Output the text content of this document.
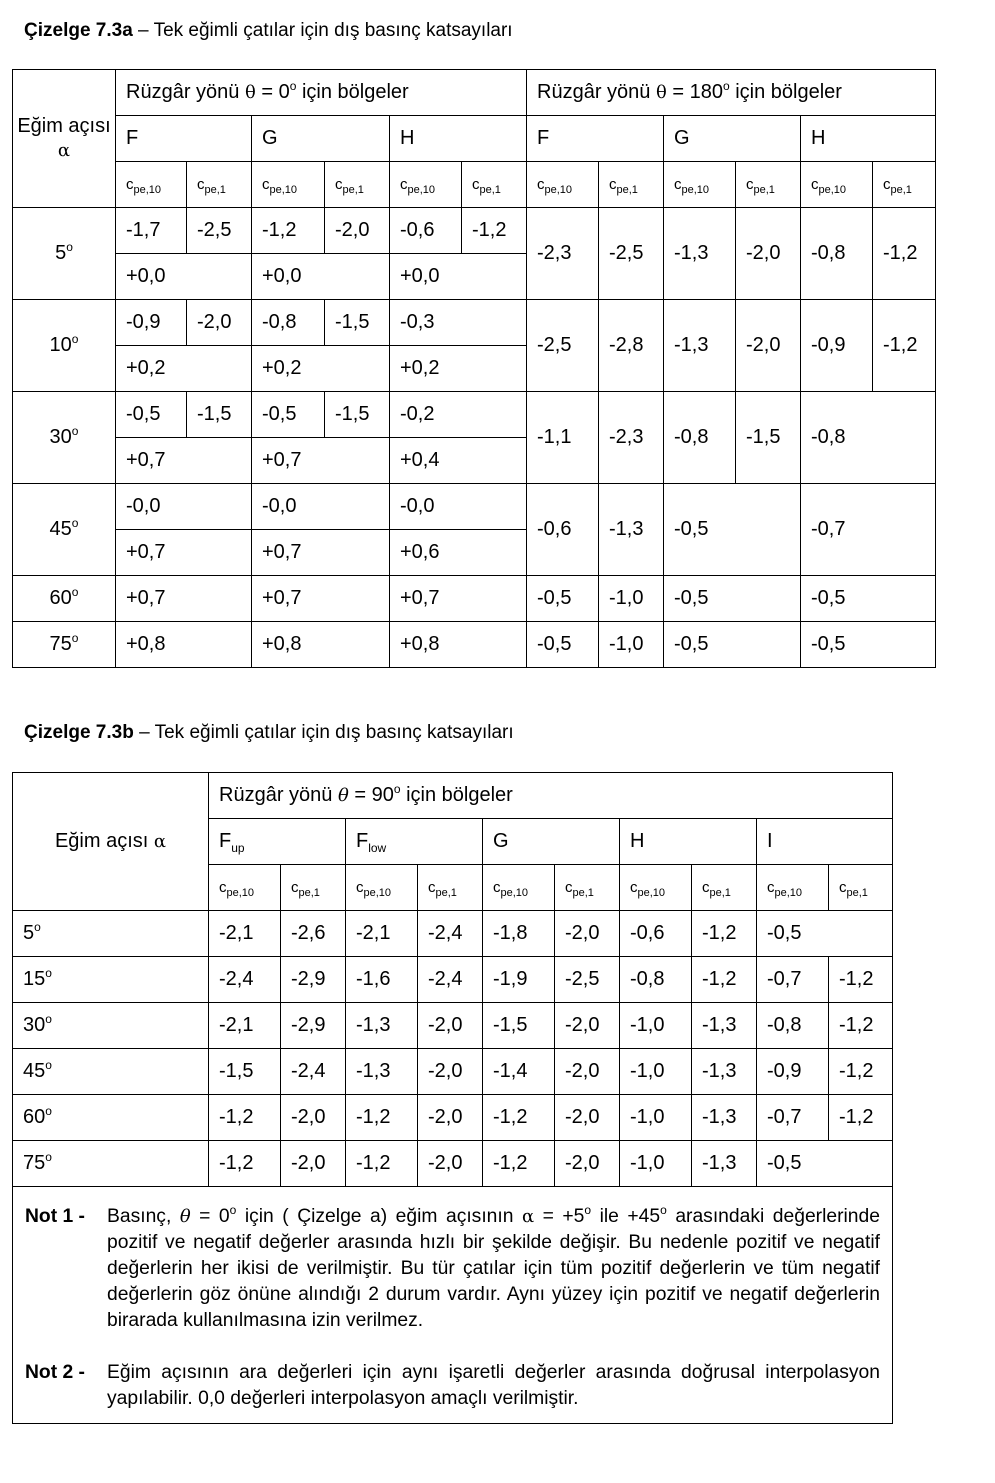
Çizelge 7.3a – Tek eğimli çatılar için dış basınç katsayıları
Eğim açısı
α	Rüzgâr yönü $\theta = 0^o$ için bölgeler						Rüzgâr yönü $\theta = 180^o$ için bölgeler					
	F		G		H		F		G		H	
	$c_{pe,10}$	$c_{pe,1}$	$c_{pe,10}$	$c_{pe,1}$	$c_{pe,10}$	$c_{pe,1}$	$c_{pe,10}$	$c_{pe,1}$	$c_{pe,10}$	$c_{pe,1}$	$c_{pe,10}$	$c_{pe,1}$
5$^o$	-1,7	-2,5	-1,2	-2,0	-0,6	-1,2	-2,3	-2,5	-1,3	-2,0	-0,8	-1,2
	+0,0		+0,0		+0,0							
10$^o$	-0,9	-2,0	-0,8	-1,5	-0,3		-2,5	-2,8	-1,3	-2,0	-0,9	-1,2
	+0,2		+0,2		+0,2							
30$^o$	-0,5	-1,5	-0,5	-1,5	-0,2		-1,1	-2,3	-0,8	-1,5	-0,8	
	+0,7		+0,7		+0,4							
45$^o$	-0,0		-0,0		-0,0		-0,6	-1,3	-0,5		-0,7	
	+0,7		+0,7		+0,6							
$60^o$	+0,7		+0,7		+0,7		-0,5	-1,0	-0,5		-0,5	
$75^o$	+0,8		+0,8		+0,8		-0,5	-1,0	-0,5		-0,5	
Çizelge 7.3b – Tek eğimli çatılar için dış basınç katsayıları
Eğim açısı α	Rüzgâr yönü $\theta = 90^o$ için bölgeler									
	$F_{up}$		$F_{low}$		G		H		I	
	$c_{pe,10}$	$c_{pe,1}$	$c_{pe,10}$	$c_{pe,1}$	$c_{pe,10}$	$c_{pe,1}$	$c_{pe,10}$	$c_{pe,1}$	$c_{pe,10}$	$c_{pe,1}$
5$^o$	-2,1	-2,6	-2,1	-2,4	-1,8	-2,0	-0,6	-1,2	-0,5	
15$^o$	-2,4	-2,9	-1,6	-2,4	-1,9	-2,5	-0,8	-1,2	-0,7	-1,2
30$^o$	-2,1	-2,9	-1,3	-2,0	-1,5	-2,0	-1,0	-1,3	-0,8	-1,2
45$^o$	-1,5	-2,4	-1,3	-2,0	-1,4	-2,0	-1,0	-1,3	-0,9	-1,2
60$^o$	-1,2	-2,0	-1,2	-2,0	-1,2	-2,0	-1,0	-1,3	-0,7	-1,2
75$^o$	-1,2	-2,0	-1,2	-2,0	-1,2	-2,0	-1,0	-1,3	-0,5	

Not 1 - Basınç, $\theta = 0^o$ için ( Çizelge a) eğim açısının $\alpha = +5^o$ ile $+45^o$ arasındaki değerlerinde pozitif ve negatif değerler arasında hızlı bir şekilde değişir. Bu nedenle pozitif ve negatif değerlerin her ikisi de verilmiştir. Bu tür çatılar için tüm pozitif değerlerin ve tüm negatif değerlerin göz önüne alındığı 2 durum vardır. Aynı yüzey için pozitif ve negatif değerlerin birarada kullanılmasına izin verilmez.
Not 2 - Eğim açısının ara değerleri için aynı işaretli değerler arasında doğrusal interpolasyon yapılabilir. 0,0 değerleri interpolasyon amaçlı verilmiştir.										
